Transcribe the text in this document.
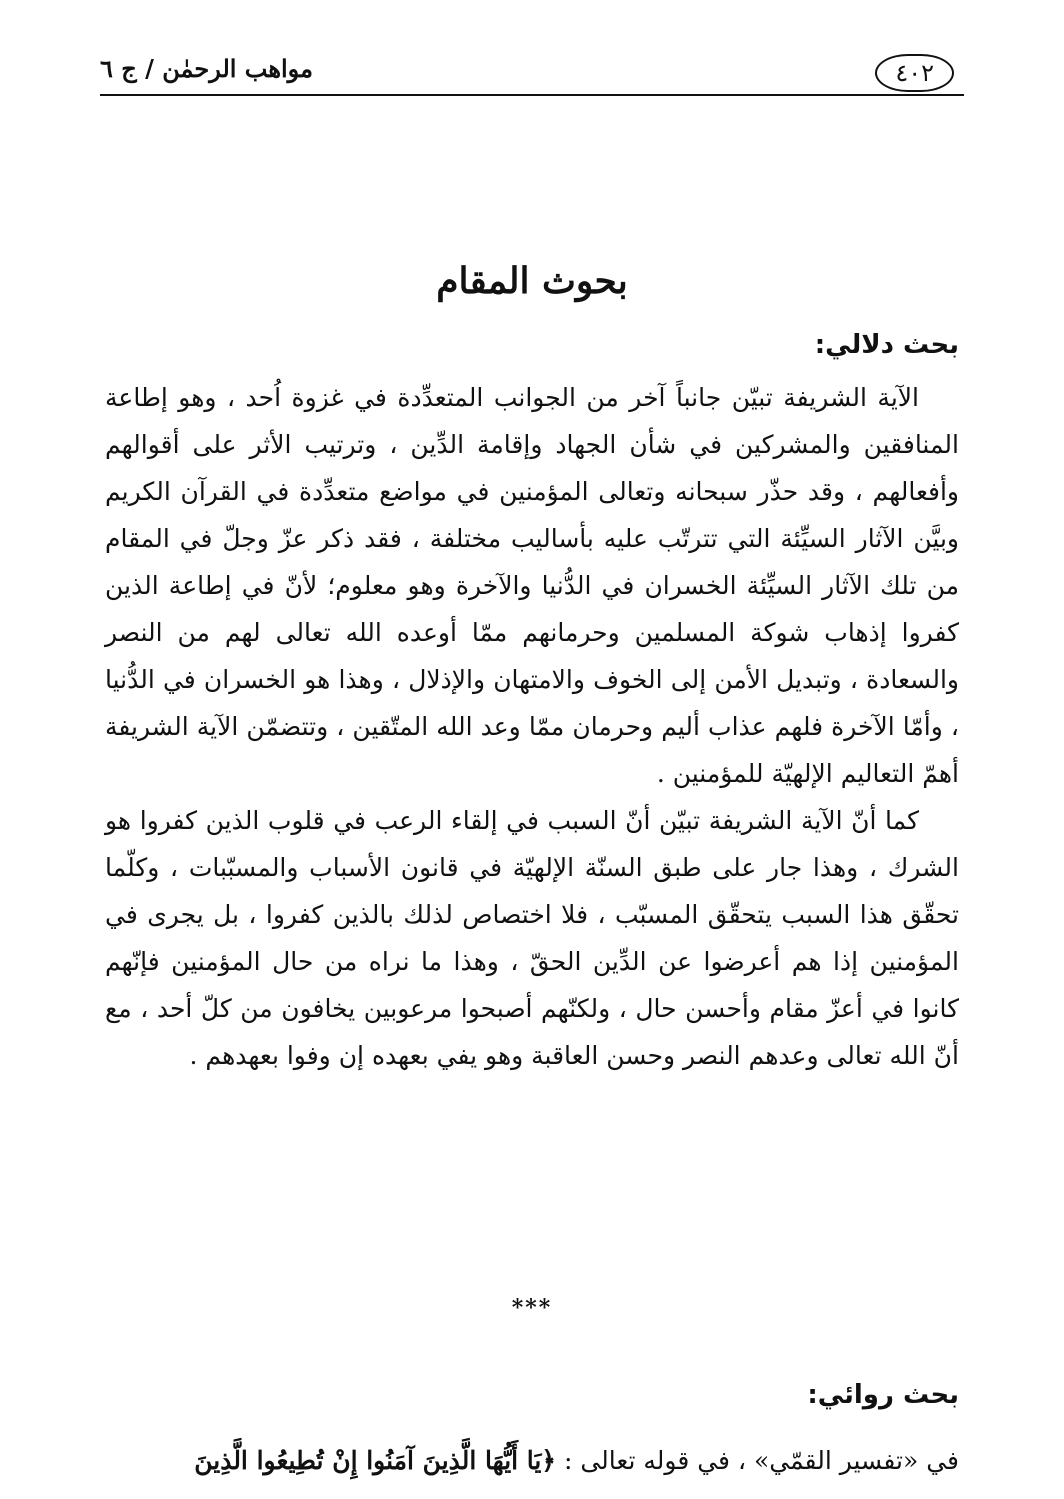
مواهب الرحمٰن / ج ٦	٤٠٢
بحوث المقام
بحث دلالي:

الآية الشريفة تبيّن جانباً آخر من الجوانب المتعدِّدة في غزوة اُحد ، وهو إطاعة المنافقين والمشركين في شأن الجهاد وإقامة الدِّين ، وترتيب الأثر على أقوالهم وأفعالهم ، وقد حذّر سبحانه وتعالى المؤمنين في مواضع متعدِّدة في القرآن الكريم وبيَّن الآثار السيِّئة التي تترتّب عليه بأساليب مختلفة ، فقد ذكر عزّ وجلّ في المقام من تلك الآثار السيِّئة الخسران في الدُّنيا والآخرة وهو معلوم؛ لأنّ في إطاعة الذين كفروا إذهاب شوكة المسلمين وحرمانهم ممّا أوعده الله تعالى لهم من النصر والسعادة ، وتبديل الأمن إلى الخوف والامتهان والإذلال ، وهذا هو الخسران في الدُّنيا ، وأمّا الآخرة فلهم عذاب أليم وحرمان ممّا وعد الله المتّقين ، وتتضمّن الآية الشريفة أهمّ التعاليم الإلهيّة للمؤمنين .

كما أنّ الآية الشريفة تبيّن أنّ السبب في إلقاء الرعب في قلوب الذين كفروا هو الشرك ، وهذا جار على طبق السنّة الإلهيّة في قانون الأسباب والمسبّبات ، وكلّما تحقّق هذا السبب يتحقّق المسبّب ، فلا اختصاص لذلك بالذين كفروا ، بل يجرى في المؤمنين إذا هم أعرضوا عن الدِّين الحقّ ، وهذا ما نراه من حال المؤمنين فإنّهم كانوا في أعزّ مقام وأحسن حال ، ولكنّهم أصبحوا مرعوبين يخافون من كلّ أحد ، مع أنّ الله تعالى وعدهم النصر وحسن العاقبة وهو يفي بعهده إن وفوا بعهدهم .

***
بحث روائي:
في «تفسير القمّي» ، في قوله تعالى : ﴿يَا أَيُّهَا الَّذِينَ آمَنُوا إِنْ تُطِيعُوا الَّذِينَ
